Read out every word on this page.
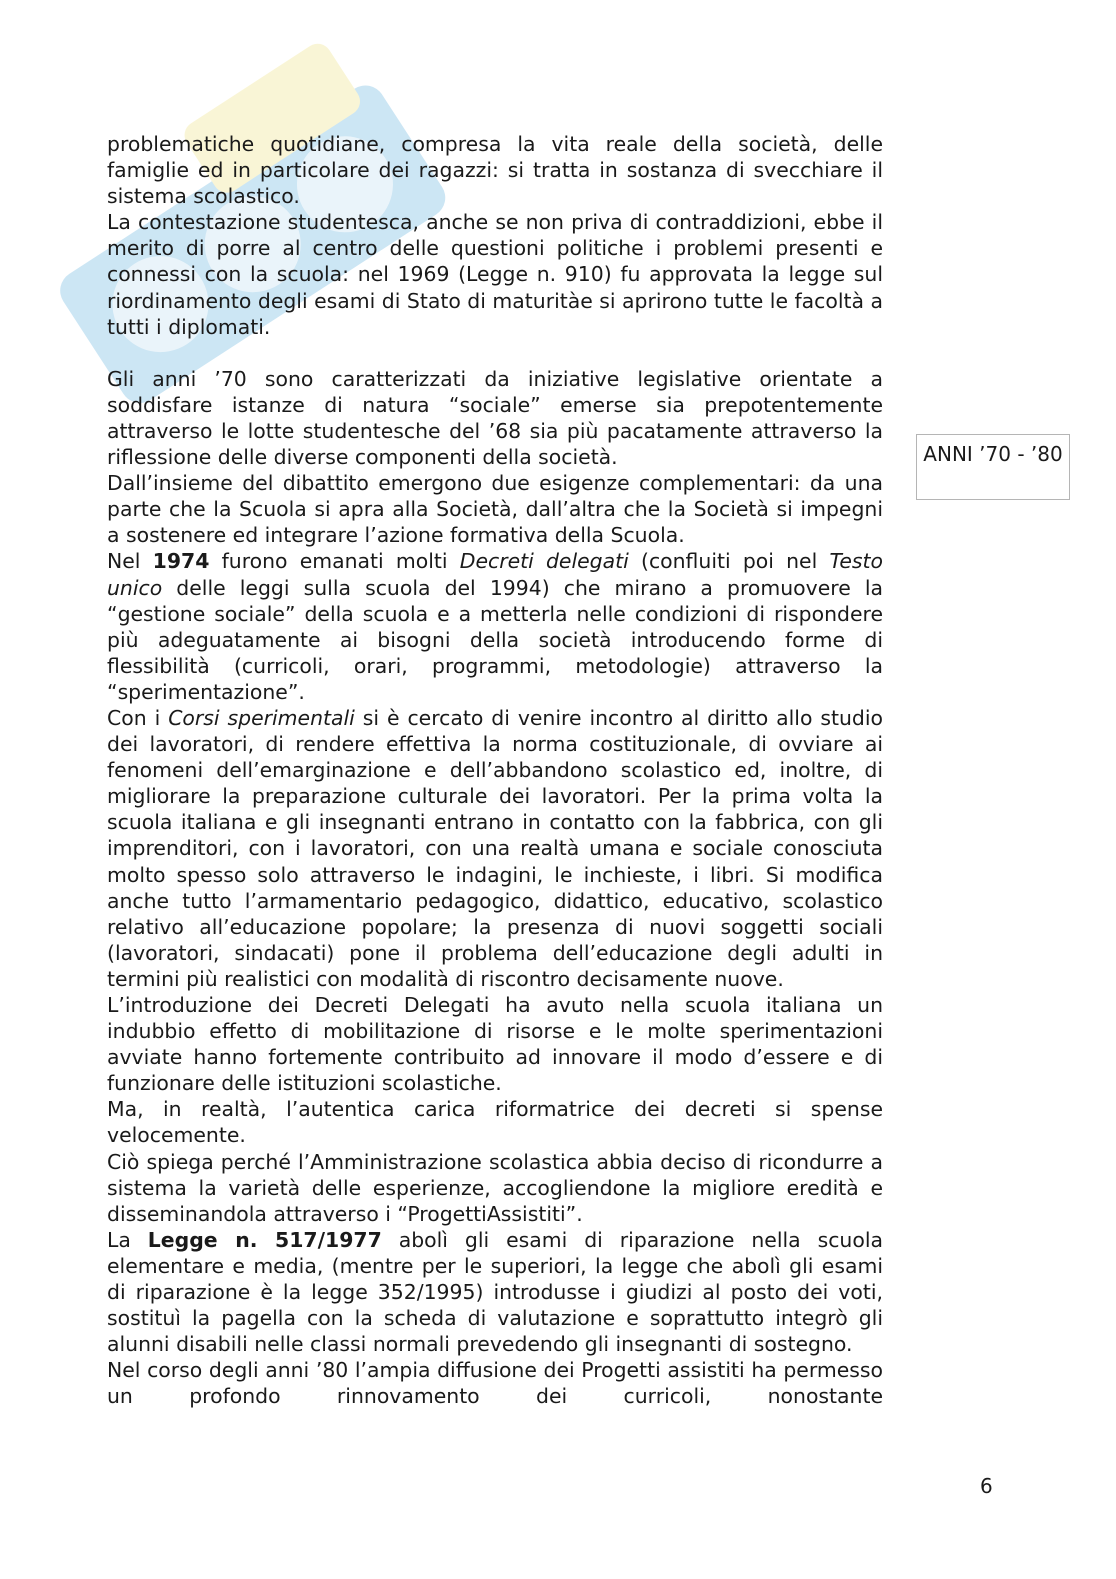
problematiche quotidiane, compresa la vita reale della società, delle famiglie ed in particolare dei ragazzi: si tratta in sostanza di svecchiare il sistema scolastico.

La contestazione studentesca, anche se non priva di contraddizioni, ebbe il merito di porre al centro delle questioni politiche i problemi presenti e connessi con la scuola: nel 1969 (Legge n. 910) fu approvata la legge sul riordinamento degli esami di Stato di maturitàe si aprirono tutte le facoltà a tutti i diplomati.

Gli anni ’70 sono caratterizzati da iniziative legislative orientate a soddisfare istanze di natura “sociale” emerse sia prepotentemente attraverso le lotte studentesche del ’68 sia più pacatamente attraverso la riflessione delle diverse componenti della società.

Dall’insieme del dibattito emergono due esigenze complementari: da una parte che la Scuola si apra alla Società, dall’altra che la Società si impegni a sostenere ed integrare l’azione formativa della Scuola.

Nel 1974 furono emanati molti Decreti delegati (confluiti poi nel Testo unico delle leggi sulla scuola del 1994) che mirano a promuovere la “gestione sociale” della scuola e a metterla nelle condizioni di rispondere più adeguatamente ai bisogni della società introducendo forme di flessibilità (curricoli, orari, programmi, metodologie) attraverso la “sperimentazione”.

Con i Corsi sperimentali si è cercato di venire incontro al diritto allo studio dei lavoratori, di rendere effettiva la norma costituzionale, di ovviare ai fenomeni dell’emarginazione e dell’abbandono scolastico ed, inoltre, di migliorare la preparazione culturale dei lavoratori. Per la prima volta la scuola italiana e gli insegnanti entrano in contatto con la fabbrica, con gli imprenditori, con i lavoratori, con una realtà umana e sociale conosciuta molto spesso solo attraverso le indagini, le inchieste, i libri. Si modifica anche tutto l’armamentario pedagogico, didattico, educativo, scolastico relativo all’educazione popolare; la presenza di nuovi soggetti sociali (lavoratori, sindacati) pone il problema dell’educazione degli adulti in termini più realistici con modalità di riscontro decisamente nuove.

L’introduzione dei Decreti Delegati ha avuto nella scuola italiana un indubbio effetto di mobilitazione di risorse e le molte sperimentazioni avviate hanno fortemente contribuito ad innovare il modo d’essere e di funzionare delle istituzioni scolastiche.

Ma, in realtà, l’autentica carica riformatrice dei decreti si spense velocemente.

Ciò spiega perché l’Amministrazione scolastica abbia deciso di ricondurre a sistema la varietà delle esperienze, accogliendone la migliore eredità e disseminandola attraverso i “ProgettiAssistiti”.

La Legge n. 517/1977 abolì gli esami di riparazione nella scuola elementare e media, (mentre per le superiori, la legge che abolì gli esami di riparazione è la legge 352/1995) introdusse i giudizi al posto dei voti, sostituì la pagella con la scheda di valutazione e soprattutto integrò gli alunni disabili nelle classi normali prevedendo gli insegnanti di sostegno.

Nel corso degli anni ’80 l’ampia diffusione dei Progetti assistiti ha permesso un profondo rinnovamento dei curricoli, nonostante

ANNI ’70 - ’80
6
